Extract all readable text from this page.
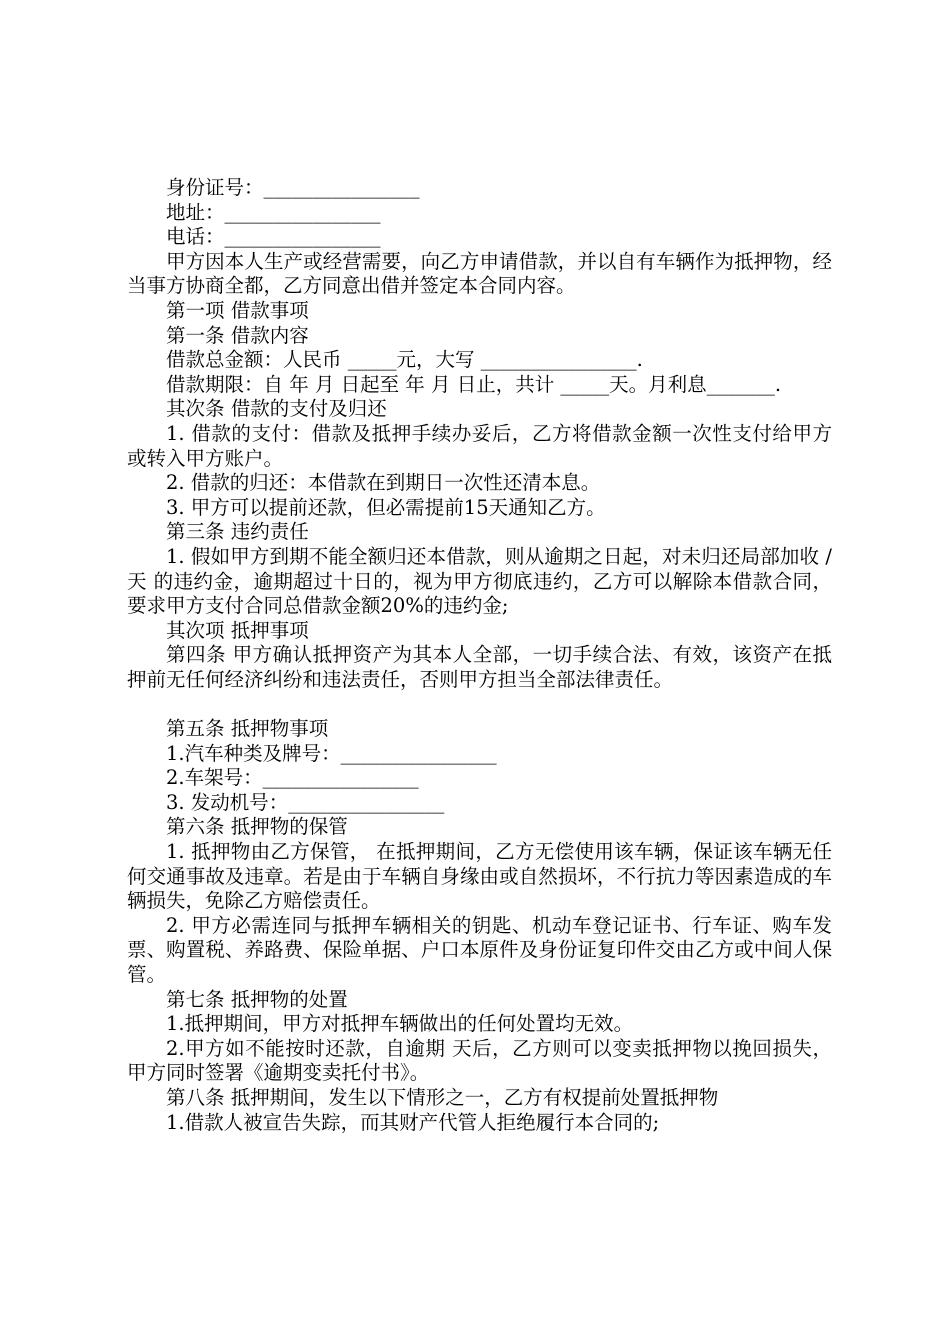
身份证号：________________

地址：________________

电话：________________

甲方因本人生产或经营需要，向乙方申请借款，并以自有车辆作为抵押物，经当事方协商全都，乙方同意出借并签定本合同内容。

第一项 借款事项

第一条 借款内容

借款总金额：人民币 _____元，大写 ________________.

借款期限：自 年 月 日起至 年 月 日止，共计 _____天。月利息_______.

其次条 借款的支付及归还

1. 借款的支付：借款及抵押手续办妥后，乙方将借款金额一次性支付给甲方或转入甲方账户。

2. 借款的归还：本借款在到期日一次性还清本息。

3. 甲方可以提前还款，但必需提前15天通知乙方。

第三条 违约责任

1. 假如甲方到期不能全额归还本借款，则从逾期之日起，对未归还局部加收 /天 的违约金，逾期超过十日的，视为甲方彻底违约，乙方可以解除本借款合同，要求甲方支付合同总借款金额20%的违约金;

其次项 抵押事项

第四条 甲方确认抵押资产为其本人全部，一切手续合法、有效，该资产在抵押前无任何经济纠纷和违法责任，否则甲方担当全部法律责任。

第五条 抵押物事项

1.汽车种类及牌号：________________

2.车架号：________________

3. 发动机号：________________

第六条 抵押物的保管

1. 抵押物由乙方保管， 在抵押期间，乙方无偿使用该车辆，保证该车辆无任何交通事故及违章。若是由于车辆自身缘由或自然损坏，不行抗力等因素造成的车辆损失，免除乙方赔偿责任。

2. 甲方必需连同与抵押车辆相关的钥匙、机动车登记证书、行车证、购车发票、购置税、养路费、保险单据、户口本原件及身份证复印件交由乙方或中间人保管。

第七条 抵押物的处置

1.抵押期间，甲方对抵押车辆做出的任何处置均无效。

2.甲方如不能按时还款，自逾期 天后，乙方则可以变卖抵押物以挽回损失，甲方同时签署《逾期变卖托付书》。

第八条 抵押期间，发生以下情形之一，乙方有权提前处置抵押物

1.借款人被宣告失踪，而其财产代管人拒绝履行本合同的;
